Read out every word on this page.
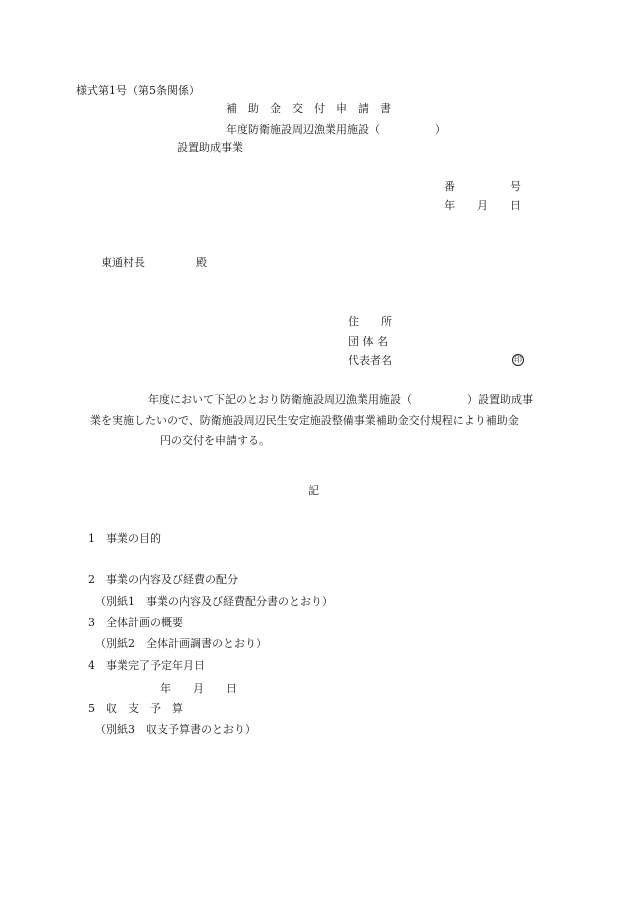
様式第1号（第5条関係）
補　助　金　交　付　申　請　書
年度防衛施設周辺漁業用施設（　　　　　）
設置助成事業
番　　　　　号
年　　月　　日
東通村長	殿
住　　所
団 体 名
代表者名	印
年度において下記のとおり防衛施設周辺漁業用施設（　　　　　）設置助成事
業を実施したいので、防衛施設周辺民生安定施設整備事業補助金交付規程により補助金
円の交付を申請する。
記
1　事業の目的
2　事業の内容及び経費の配分
（別紙1　事業の内容及び経費配分書のとおり）
3　全体計画の概要
（別紙2　全体計画調書のとおり）
4　事業完了予定年月日
年　　月　　日
5　収　支　予　算
（別紙3　収支予算書のとおり）
